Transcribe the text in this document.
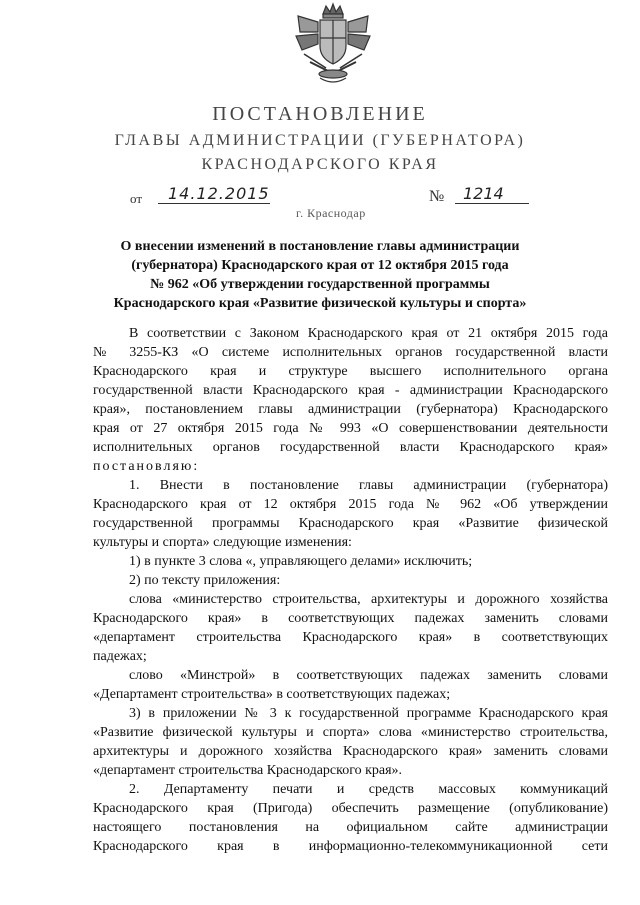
ПОСТАНОВЛЕНИЕ
ГЛАВЫ АДМИНИСТРАЦИИ (ГУБЕРНАТОРА)
КРАСНОДАРСКОГО КРАЯ
от	14.12.2015	№	1214
г. Краснодар
О внесении изменений в постановление главы администрации
(губернатора) Краснодарского края от 12 октября 2015 года
№ 962 «Об утверждении государственной программы
Краснодарского края «Развитие физической культуры и спорта»
В соответствии с Законом Краснодарского края от 21 октября 2015 года
№ 3255-КЗ «О системе исполнительных органов государственной власти
Краснодарского края и структуре высшего исполнительного органа
государственной власти Краснодарского края - администрации Краснодарского
края», постановлением главы администрации (губернатора) Краснодарского
края от 27 октября 2015 года № 993 «О совершенствовании деятельности
исполнительных органов государственной власти Краснодарского края»
постановляю:
1. Внести в постановление главы администрации (губернатора)
Краснодарского края от 12 октября 2015 года № 962 «Об утверждении
государственной программы Краснодарского края «Развитие физической
культуры и спорта» следующие изменения:
1) в пункте 3 слова «, управляющего делами» исключить;
2) по тексту приложения:
слова «министерство строительства, архитектуры и дорожного хозяйства
Краснодарского края» в соответствующих падежах заменить словами
«департамент строительства Краснодарского края» в соответствующих
падежах;
слово «Минстрой» в соответствующих падежах заменить словами
«Департамент строительства» в соответствующих падежах;
3) в приложении № 3 к государственной программе Краснодарского края
«Развитие физической культуры и спорта» слова «министерство строительства,
архитектуры и дорожного хозяйства Краснодарского края» заменить словами
«департамент строительства Краснодарского края».
2. Департаменту печати и средств массовых коммуникаций
Краснодарского края (Пригода) обеспечить размещение (опубликование)
настоящего постановления на официальном сайте администрации
Краснодарского края в информационно-телекоммуникационной сети
